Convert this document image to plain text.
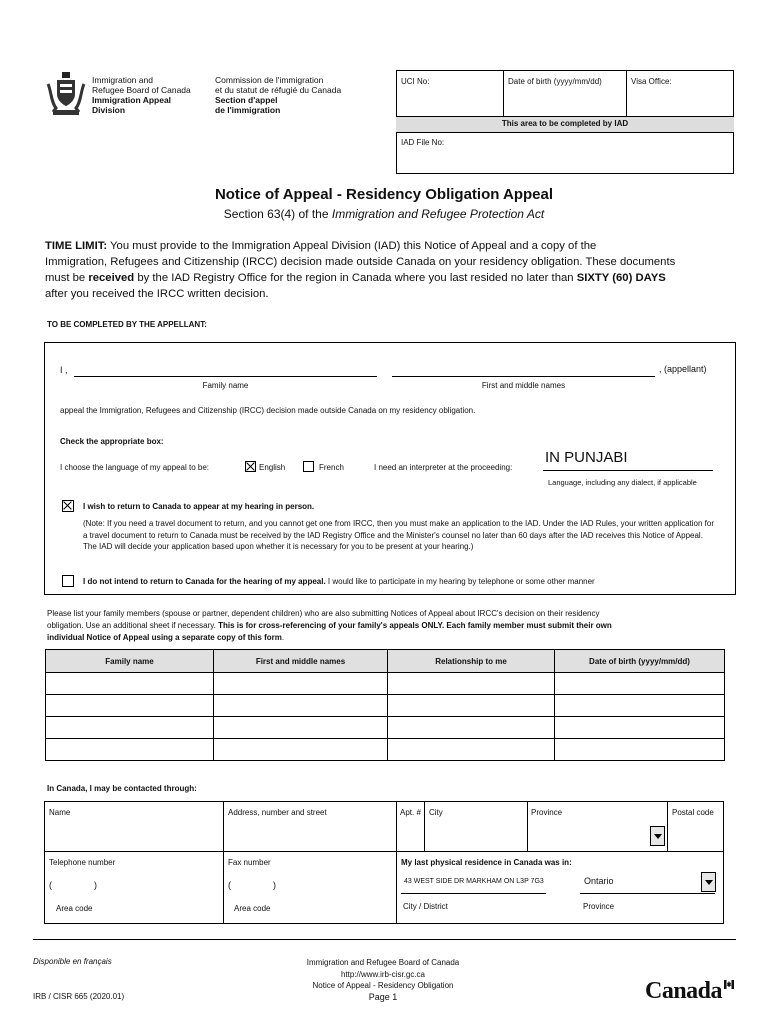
Immigration and
Refugee Board of Canada
Immigration Appeal
Division
Commission de l'immigration
et du statut de réfugié du Canada
Section d'appel
de l'immigration
UCI No:	Date of birth (yyyy/mm/dd)	Visa Office:
This area to be completed by IAD
IAD File No:
Notice of Appeal - Residency Obligation Appeal
Section 63(4) of the Immigration and Refugee Protection Act
TIME LIMIT: You must provide to the Immigration Appeal Division (IAD) this Notice of Appeal and a copy of the
Immigration, Refugees and Citizenship (IRCC) decision made outside Canada on your residency obligation. These documents
must be received by the IAD Registry Office for the region in Canada where you last resided no later than SIXTY (60) DAYS
after you received the IRCC written decision.
TO BE COMPLETED BY THE APPELLANT:
I ,	, (appellant)
Family name	First and middle names
appeal the Immigration, Refugees and Citizenship (IRCC) decision made outside Canada on my residency obligation.
Check the appropriate box:
I choose the language of my appeal to be:	English	French	I need an interpreter at the proceeding:
IN PUNJABI
Language, including any dialect, if applicable
I wish to return to Canada to appear at my hearing in person.
(Note: If you need a travel document to return, and you cannot get one from IRCC, then you must make an application to the IAD. Under the IAD Rules, your written application for a travel document to return to Canada must be received by the IAD Registry Office and the Minister's counsel no later than 60 days after the IAD receives this Notice of Appeal. The IAD will decide your application based upon whether it is necessary for you to be present at your hearing.)
I do not intend to return to Canada for the hearing of my appeal. I would like to participate in my hearing by telephone or some other manner
Please list your family members (spouse or partner, dependent children) who are also submitting Notices of Appeal about IRCC's decision on their residency
obligation. Use an additional sheet if necessary. This is for cross-referencing of your family's appeals ONLY. Each family member must submit their own
individual Notice of Appeal using a separate copy of this form.
Family name	First and middle names	Relationship to me	Date of birth (yyyy/mm/dd)

In Canada, I may be contacted through:
Name	Address, number and street	Apt. # City	Province	Postal code
Telephone number
(	)
Area code
Fax number
(	)
Area code
My last physical residence in Canada was in:
43 WEST SIDE DR MARKHAM ON L3P 7G3	Ontario
City / District	Province
Disponible en français	Immigration and Refugee Board of Canada
http://www.irb-cisr.gc.ca
Notice of Appeal - Residency Obligation
Page 1
IRB / CISR 665 (2020.01)	Canada
